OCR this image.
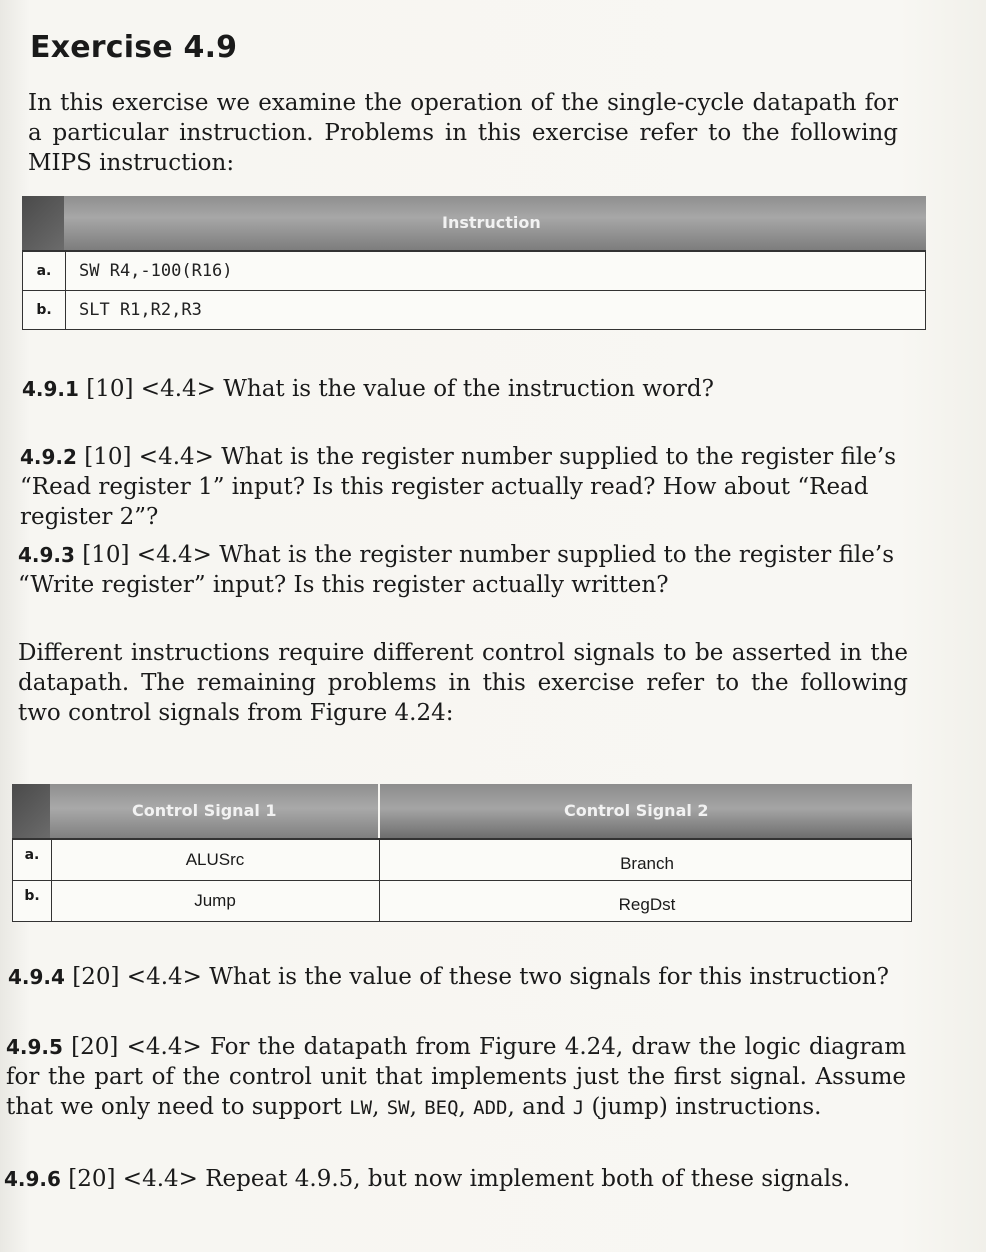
Exercise 4.9

In this exercise we examine the operation of the single-cycle datapath for a particular instruction. Problems in this exercise refer to the following MIPS instruction:

Instruction
a.	SW R4,-100(R16)
b.	SLT R1,R2,R3

4.9.1 [10] <4.4> What is the value of the instruction word?

4.9.2 [10] <4.4> What is the register number supplied to the register file’s “Read register 1” input? Is this register actually read? How about “Read register 2”?

4.9.3 [10] <4.4> What is the register number supplied to the register file’s “Write register” input? Is this register actually written?

Different instructions require different control signals to be asserted in the datapath. The remaining problems in this exercise refer to the following two control signals from Figure 4.24:

Control Signal 1	Control Signal 2
a.	ALUSrc	Branch
b.	Jump	RegDst

4.9.4 [20] <4.4> What is the value of these two signals for this instruction?

4.9.5 [20] <4.4> For the datapath from Figure 4.24, draw the logic diagram for the part of the control unit that implements just the first signal. Assume that we only need to support LW, SW, BEQ, ADD, and J (jump) instructions.

4.9.6 [20] <4.4> Repeat 4.9.5, but now implement both of these signals.
